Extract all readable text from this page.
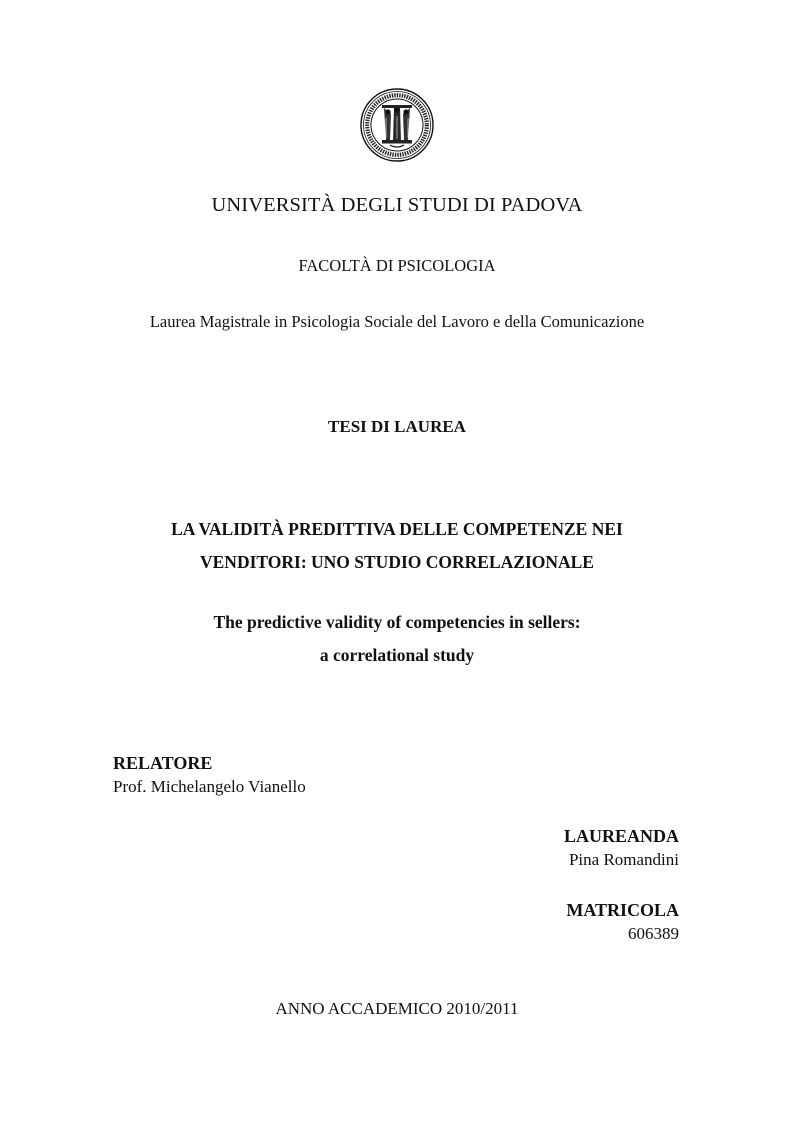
UNIVERSITÀ DEGLI STUDI DI PADOVA
FACOLTÀ DI PSICOLOGIA
Laurea Magistrale in Psicologia Sociale del Lavoro e della Comunicazione
TESI DI LAUREA
LA VALIDITÀ PREDITTIVA DELLE COMPETENZE NEI
VENDITORI: UNO STUDIO CORRELAZIONALE
The predictive validity of competencies in sellers:
a correlational study
RELATORE
Prof. Michelangelo Vianello
LAUREANDA
Pina Romandini
MATRICOLA
606389
ANNO ACCADEMICO 2010/2011
